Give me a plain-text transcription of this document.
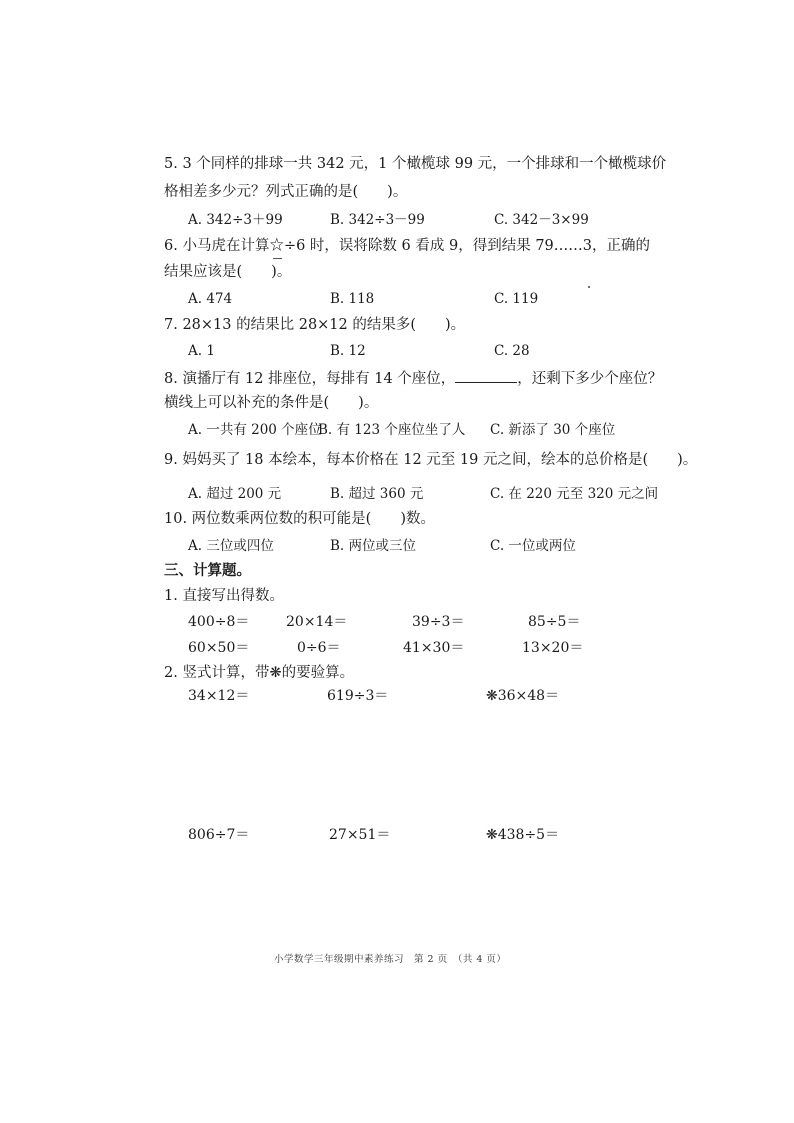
5. 3 个同样的排球一共 342 元，1 个橄榄球 99 元，一个排球和一个橄榄球价
格相差多少元？列式正确的是(　　)。
A. 342÷3＋99	B. 342÷3－99	C. 342－3×99
6. 小马虎在计算☆÷6 时，误将除数 6 看成 9，得到结果 79……3，正确的
结果应该是(　　)。
A. 474	B. 118	C. 119
7. 28×13 的结果比 28×12 的结果多(　　)。
A. 1	B. 12	C. 28
8. 演播厅有 12 排座位，每排有 14 个座位，	，还剩下多少个座位？
横线上可以补充的条件是(　　)。
A. 一共有 200 个座位
B. 有 123 个座位坐了人 C. 新添了 30 个座位
9. 妈妈买了 18 本绘本，每本价格在 12 元至 19 元之间，绘本的总价格是(　　)。
A. 超过 200 元	B. 超过 360 元	C. 在 220 元至 320 元之间
10. 两位数乘两位数的积可能是(　　)数。
A. 三位或四位	B. 两位或三位	C. 一位或两位
三、计算题。
1. 直接写出得数。
400÷8＝	20×14＝	39÷3＝	85÷5＝
60×50＝	0÷6＝	41×30＝	13×20＝
2. 竖式计算，带❋的要验算。
34×12＝	619÷3＝	❋36×48＝
806÷7＝	27×51＝	❋438÷5＝
小学数学三年级期中素养练习　第 2 页　（共 4 页）
